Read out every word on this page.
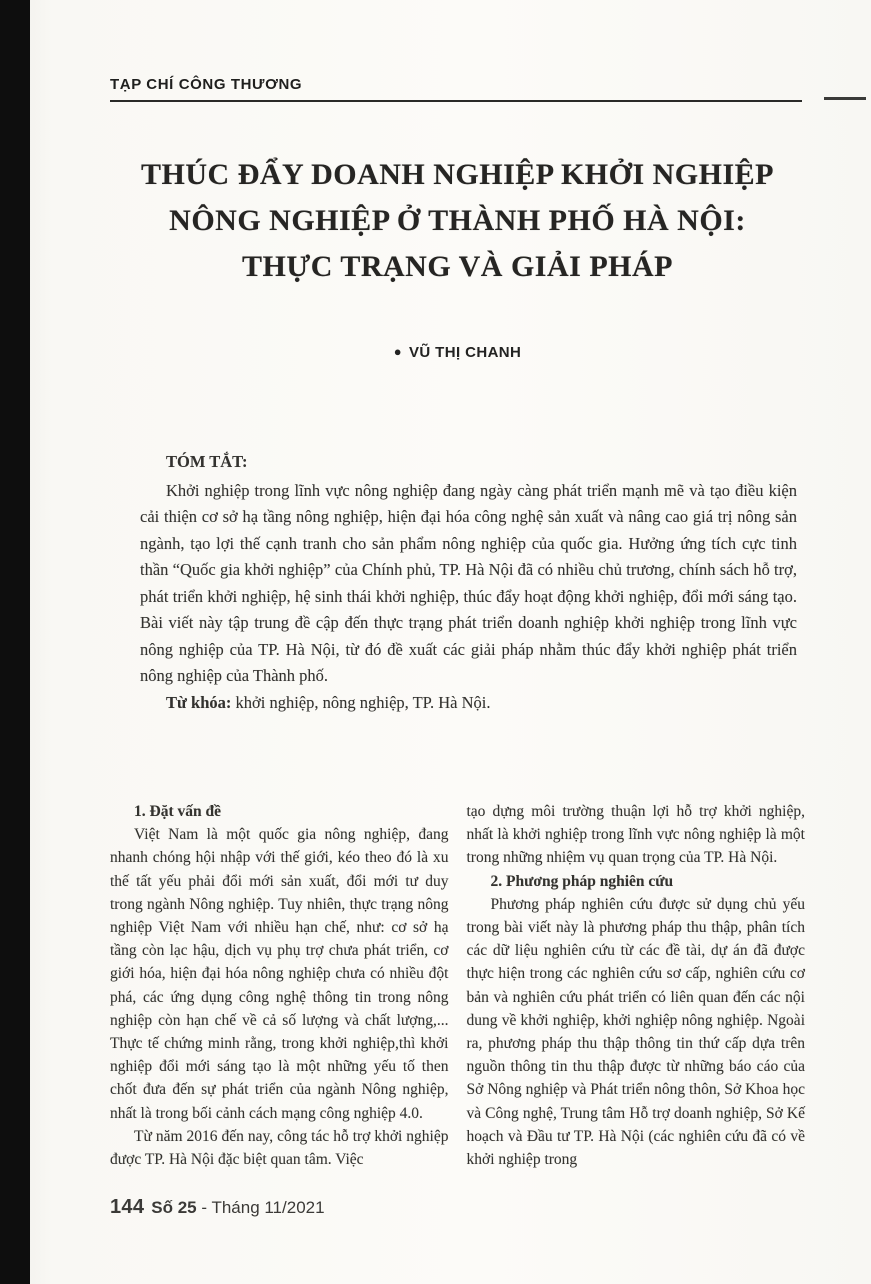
TẠP CHÍ CÔNG THƯƠNG
THÚC ĐẨY DOANH NGHIỆP KHỞI NGHIỆP
NÔNG NGHIỆP Ở THÀNH PHỐ HÀ NỘI:
THỰC TRẠNG VÀ GIẢI PHÁP
● VŨ THỊ CHANH
TÓM TẮT:

Khởi nghiệp trong lĩnh vực nông nghiệp đang ngày càng phát triển mạnh mẽ và tạo điều kiện cải thiện cơ sở hạ tầng nông nghiệp, hiện đại hóa công nghệ sản xuất và nâng cao giá trị nông sản ngành, tạo lợi thế cạnh tranh cho sản phẩm nông nghiệp của quốc gia. Hưởng ứng tích cực tinh thần “Quốc gia khởi nghiệp” của Chính phủ, TP. Hà Nội đã có nhiều chủ trương, chính sách hỗ trợ, phát triển khởi nghiệp, hệ sinh thái khởi nghiệp, thúc đẩy hoạt động khởi nghiệp, đổi mới sáng tạo. Bài viết này tập trung đề cập đến thực trạng phát triển doanh nghiệp khởi nghiệp trong lĩnh vực nông nghiệp của TP. Hà Nội, từ đó đề xuất các giải pháp nhằm thúc đẩy khởi nghiệp phát triển nông nghiệp của Thành phố.

Từ khóa: khởi nghiệp, nông nghiệp, TP. Hà Nội.

1. Đặt vấn đề

Việt Nam là một quốc gia nông nghiệp, đang nhanh chóng hội nhập với thế giới, kéo theo đó là xu thế tất yếu phải đổi mới sản xuất, đổi mới tư duy trong ngành Nông nghiệp. Tuy nhiên, thực trạng nông nghiệp Việt Nam với nhiều hạn chế, như: cơ sở hạ tầng còn lạc hậu, dịch vụ phụ trợ chưa phát triển, cơ giới hóa, hiện đại hóa nông nghiệp chưa có nhiều đột phá, các ứng dụng công nghệ thông tin trong nông nghiệp còn hạn chế về cả số lượng và chất lượng,... Thực tế chứng minh rằng, trong khởi nghiệp,thì khởi nghiệp đổi mới sáng tạo là một những yếu tố then chốt đưa đến sự phát triển của ngành Nông nghiệp, nhất là trong bối cảnh cách mạng công nghiệp 4.0.

Từ năm 2016 đến nay, công tác hỗ trợ khởi nghiệp được TP. Hà Nội đặc biệt quan tâm. Việc

tạo dựng môi trường thuận lợi hỗ trợ khởi nghiệp, nhất là khởi nghiệp trong lĩnh vực nông nghiệp là một trong những nhiệm vụ quan trọng của TP. Hà Nội.

2. Phương pháp nghiên cứu

Phương pháp nghiên cứu được sử dụng chủ yếu trong bài viết này là phương pháp thu thập, phân tích các dữ liệu nghiên cứu từ các đề tài, dự án đã được thực hiện trong các nghiên cứu sơ cấp, nghiên cứu cơ bản và nghiên cứu phát triển có liên quan đến các nội dung về khởi nghiệp, khởi nghiệp nông nghiệp. Ngoài ra, phương pháp thu thập thông tin thứ cấp dựa trên nguồn thông tin thu thập được từ những báo cáo của Sở Nông nghiệp và Phát triển nông thôn, Sở Khoa học và Công nghệ, Trung tâm Hỗ trợ doanh nghiệp, Sở Kế hoạch và Đầu tư TP. Hà Nội (các nghiên cứu đã có về khởi nghiệp trong

144 Số 25 - Tháng 11/2021
